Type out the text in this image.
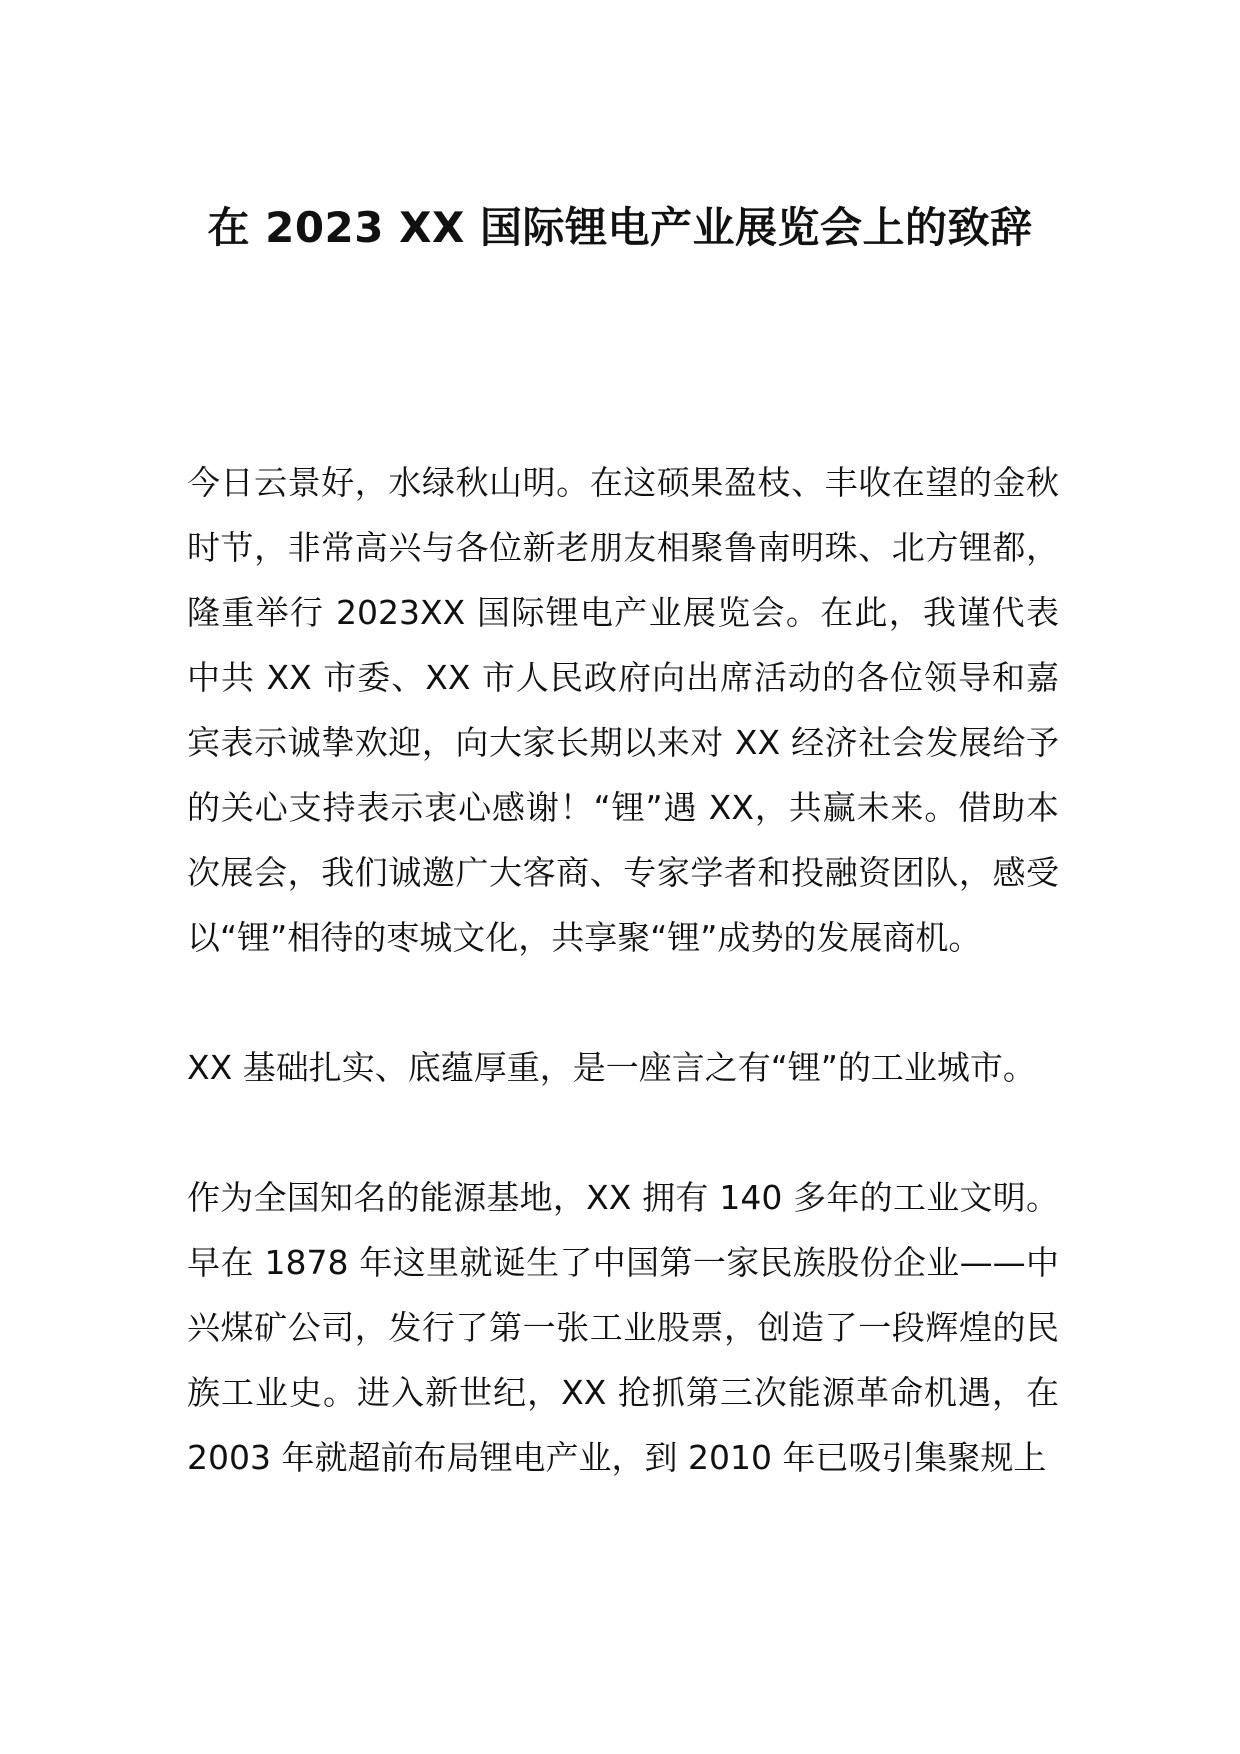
在 2023 XX 国际锂电产业展览会上的致辞

今日云景好，水绿秋山明。在这硕果盈枝、丰收在望的金秋时节，非常高兴与各位新老朋友相聚鲁南明珠、北方锂都，隆重举行 2023XX 国际锂电产业展览会。在此，我谨代表中共 XX 市委、XX 市人民政府向出席活动的各位领导和嘉宾表示诚挚欢迎，向大家长期以来对 XX 经济社会发展给予的关心支持表示衷心感谢！“锂”遇 XX，共赢未来。借助本次展会，我们诚邀广大客商、专家学者和投融资团队，感受以“锂”相待的枣城文化，共享聚“锂”成势的发展商机。

XX 基础扎实、底蕴厚重，是一座言之有“锂”的工业城市。

作为全国知名的能源基地，XX 拥有 140 多年的工业文明。早在 1878 年这里就诞生了中国第一家民族股份企业——中兴煤矿公司，发行了第一张工业股票，创造了一段辉煌的民族工业史。进入新世纪，XX 抢抓第三次能源革命机遇，在 2003 年就超前布局锂电产业，到 2010 年已吸引集聚规上
